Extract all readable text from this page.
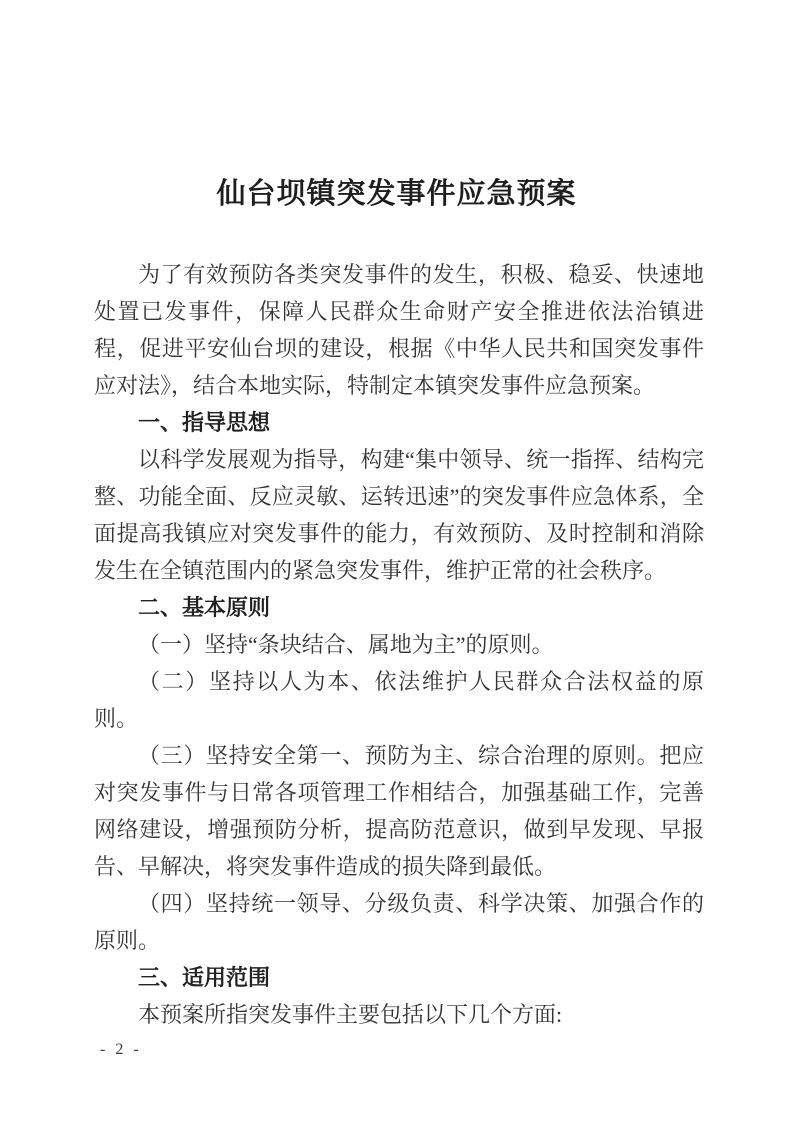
仙台坝镇突发事件应急预案

为了有效预防各类突发事件的发生，积极、稳妥、快速地处置已发事件，保障人民群众生命财产安全推进依法治镇进程，促进平安仙台坝的建设，根据《中华人民共和国突发事件应对法》，结合本地实际，特制定本镇突发事件应急预案。

一、指导思想

以科学发展观为指导，构建“集中领导、统一指挥、结构完整、功能全面、反应灵敏、运转迅速”的突发事件应急体系，全面提高我镇应对突发事件的能力，有效预防、及时控制和消除发生在全镇范围内的紧急突发事件，维护正常的社会秩序。

二、基本原则

（一）坚持“条块结合、属地为主”的原则。

（二）坚持以人为本、依法维护人民群众合法权益的原则。

（三）坚持安全第一、预防为主、综合治理的原则。把应对突发事件与日常各项管理工作相结合，加强基础工作，完善网络建设，增强预防分析，提高防范意识，做到早发现、早报告、早解决，将突发事件造成的损失降到最低。

（四）坚持统一领导、分级负责、科学决策、加强合作的原则。

三、适用范围

本预案所指突发事件主要包括以下几个方面:

- 2 -
